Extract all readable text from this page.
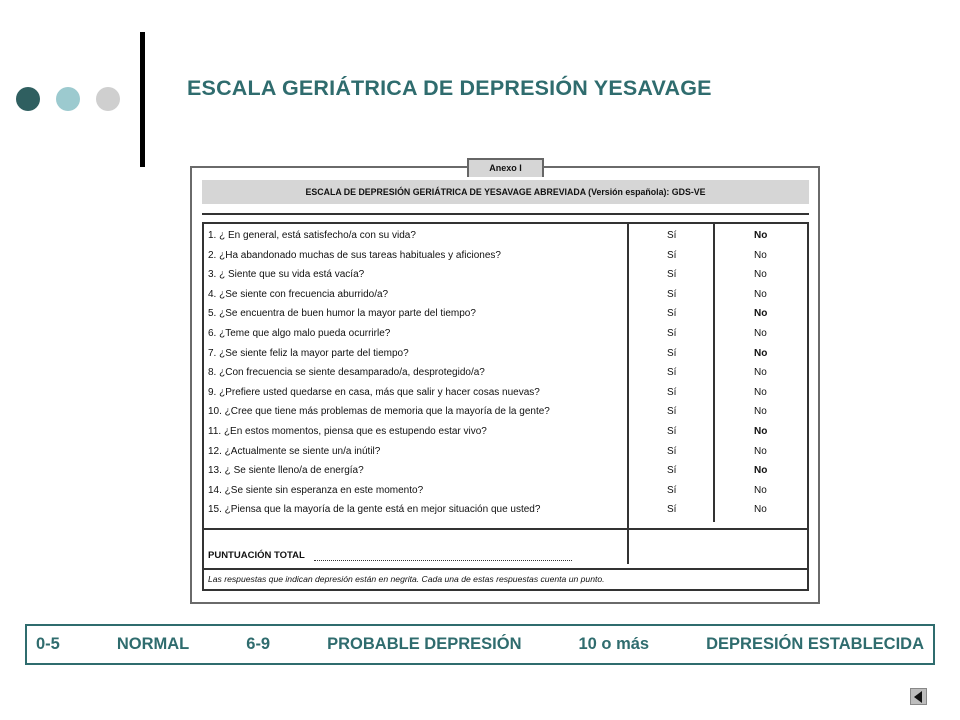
ESCALA GERIÁTRICA DE DEPRESIÓN YESAVAGE
ESCALA DE DEPRESIÓN GERIÁTRICA DE YESAVAGE ABREVIADA (Versión española): GDS-VE
PUNTUACIÓN TOTAL
Las respuestas que indican depresión están en negrita. Cada una de estas respuestas cuenta un punto.
1. ¿ En general, está satisfecho/a con su vida?	Sí	No
2. ¿Ha abandonado muchas de sus tareas habituales y aficiones?	Sí	No
3. ¿ Siente que su vida está vacía?	Sí	No
4. ¿Se siente con frecuencia aburrido/a?	Sí	No
5. ¿Se encuentra de buen humor la mayor parte del tiempo?	Sí	No
6. ¿Teme que algo malo pueda ocurrirle?	Sí	No
7. ¿Se siente feliz la mayor parte del tiempo?	Sí	No
8. ¿Con frecuencia se siente desamparado/a, desprotegido/a?	Sí	No
9. ¿Prefiere usted quedarse en casa, más que salir y hacer cosas nuevas?	Sí	No
10. ¿Cree que tiene más problemas de memoria que la mayoría de la gente?	Sí	No
11. ¿En estos momentos, piensa que es estupendo estar vivo?	Sí	No
12. ¿Actualmente se siente un/a inútil?	Sí	No
13. ¿ Se siente lleno/a de energía?	Sí	No
14. ¿Se siente sin esperanza en este momento?	Sí	No
15. ¿Piensa que la mayoría de la gente está en mejor situación que usted?	Sí	No
Anexo I
0-5	NORMAL	6-9	PROBABLE DEPRESIÓN	10 o más	DEPRESIÓN ESTABLECIDA
